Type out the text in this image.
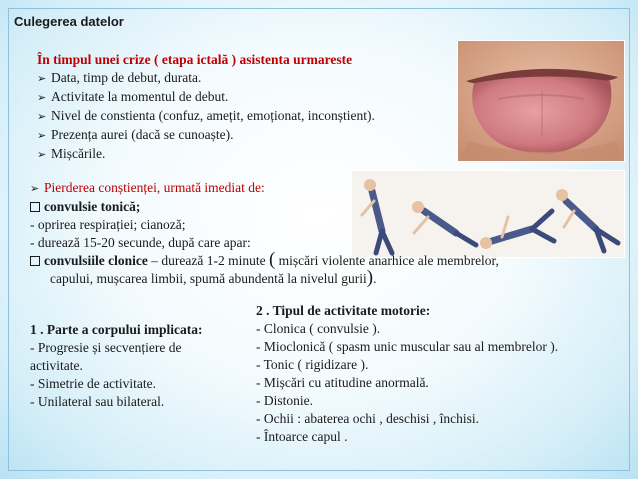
Culegerea datelor
În timpul unei crize ( etapa ictală ) asistenta urmareste
➢ Data, timp de debut, durata.
➢ Activitate la momentul de debut.
➢ Nivel de constienta (confuz, amețit, emoționat, inconștient).
➢ Prezența aurei (dacă se cunoaște).
➢ Mișcările.
➢ Pierderea conștienței, urmată imediat de:
convulsie tonică;
- oprirea respirației; cianoză;
- durează 15-20 secunde, după care apar:
convulsiile clonice – durează 1-2 minute ( mișcări violente anarhice ale membrelor,
capului, mușcarea limbii, spumă abundentă la nivelul gurii).
1 . Parte a corpului implicata:
- Progresie și secvențiere de
activitate.
- Simetrie de activitate.
- Unilateral sau bilateral.
2 . Tipul de activitate motorie:
- Clonica ( convulsie ).
- Mioclonică ( spasm unic muscular sau al membrelor ).
- Tonic ( rigidizare ).
- Mișcări cu atitudine anormală.
- Distonie.
- Ochii : abaterea ochi , deschisi , închisi.
- Întoarce capul .
